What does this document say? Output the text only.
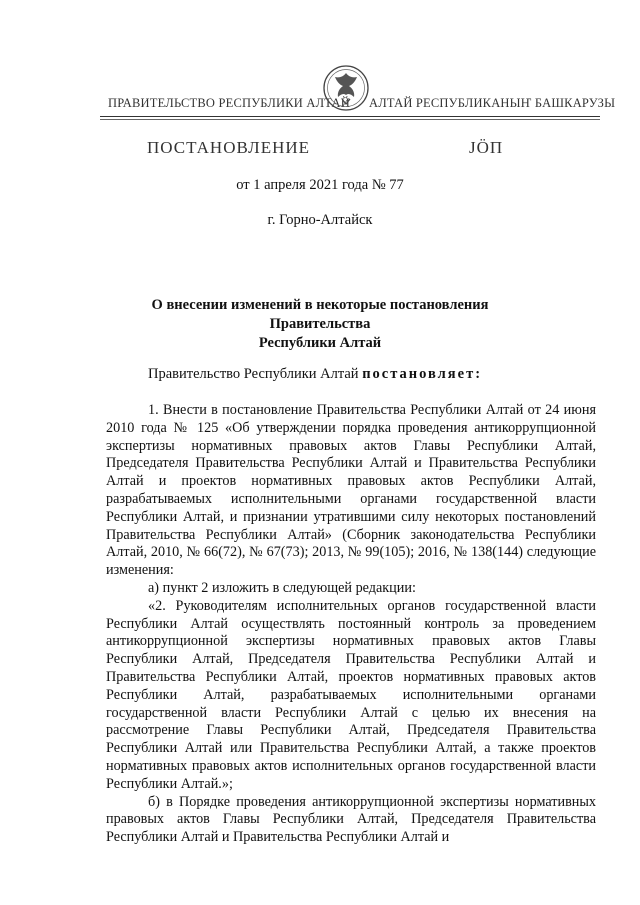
ПРАВИТЕЛЬСТВО РЕСПУБЛИКИ АЛТАЙ АЛТАЙ РЕСПУБЛИКАНЫҤ БАШКАРУЗЫ
ПОСТАНОВЛЕНИЕ	ЈӦП
от 1 апреля 2021 года № 77
г. Горно-Алтайск
О внесении изменений в некоторые постановления Правительства
Республики Алтай
Правительство Республики Алтай постановляет:

1. Внести в постановление Правительства Республики Алтай от 24 июня 2010 года № 125 «Об утверждении порядка проведения антикоррупционной экспертизы нормативных правовых актов Главы Республики Алтай, Председателя Правительства Республики Алтай и Правительства Республики Алтай и проектов нормативных правовых актов Республики Алтай, разрабатываемых исполнительными органами государственной власти Республики Алтай, и признании утратившими силу некоторых постановлений Правительства Республики Алтай» (Сборник законодательства Республики Алтай, 2010, № 66(72), № 67(73); 2013, № 99(105); 2016, № 138(144) следующие изменения:

а) пункт 2 изложить в следующей редакции:

«2. Руководителям исполнительных органов государственной власти Республики Алтай осуществлять постоянный контроль за проведением антикоррупционной экспертизы нормативных правовых актов Главы Республики Алтай, Председателя Правительства Республики Алтай и Правительства Республики Алтай, проектов нормативных правовых актов Республики Алтай, разрабатываемых исполнительными органами государственной власти Республики Алтай с целью их внесения на рассмотрение Главы Республики Алтай, Председателя Правительства Республики Алтай или Правительства Республики Алтай, а также проектов нормативных правовых актов исполнительных органов государственной власти Республики Алтай.»;

б) в Порядке проведения антикоррупционной экспертизы нормативных правовых актов Главы Республики Алтай, Председателя Правительства Республики Алтай и Правительства Республики Алтай и
